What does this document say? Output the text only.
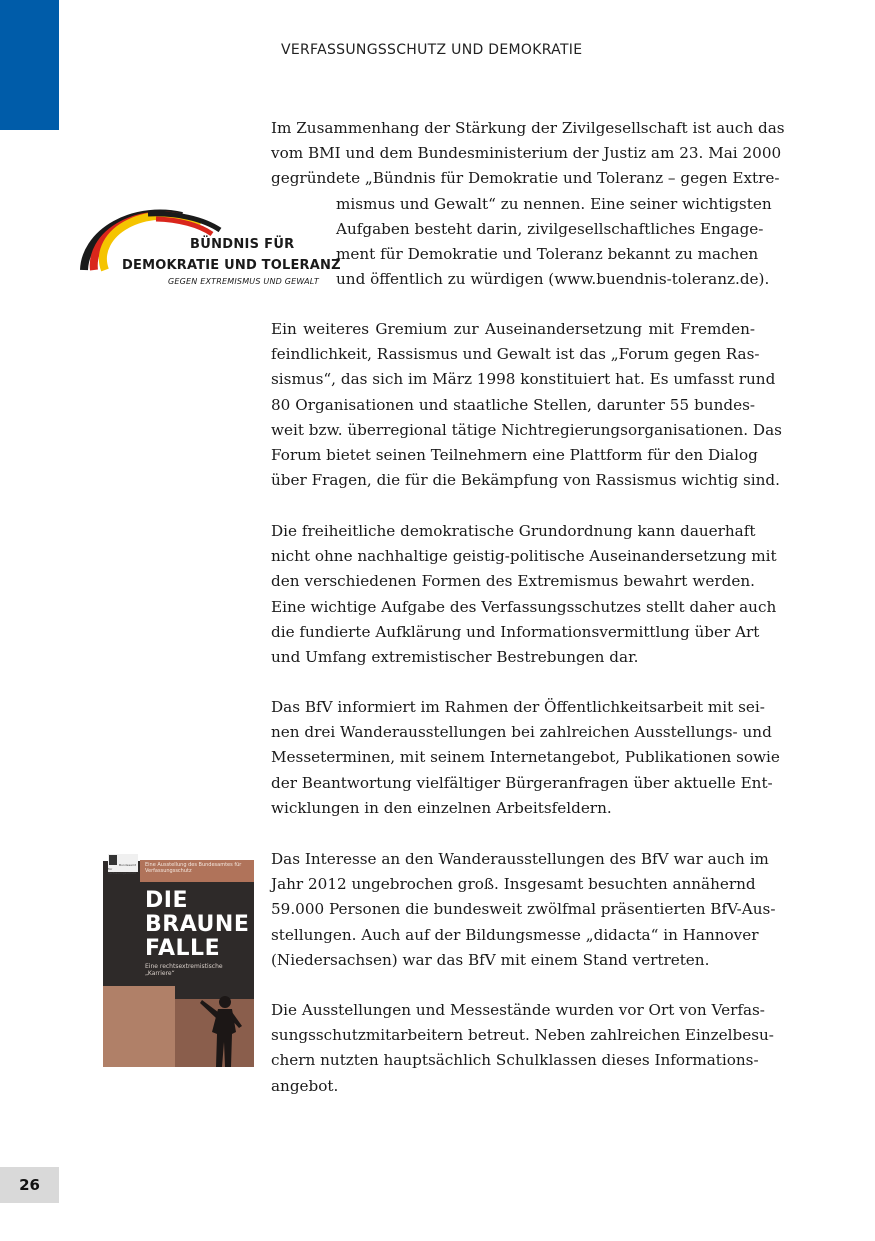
VERFASSUNGSSCHUTZ UND DEMOKRATIE
Im Zusammenhang der Stärkung der Zivilgesellschaft ist auch das
vom BMI und dem Bundesministerium der Justiz am 23. Mai 2000
gegründete „Bündnis für Demokratie und Toleranz – gegen Extre-
mismus und Gewalt“ zu nennen. Eine seiner wichtigsten
Aufgaben besteht darin, zivilgesellschaftliches Engage-
ment für Demokratie und Toleranz bekannt zu machen
und öffentlich zu würdigen (www.buendnis-toleranz.de).
BÜNDNIS FÜR
DEMOKRATIE UND TOLERANZ
GEGEN EXTREMISMUS UND GEWALT
Ein weiteres Gremium zur Auseinandersetzung mit Fremden-
feindlichkeit, Rassismus und Gewalt ist das „Forum gegen Ras-
sismus“, das sich im März 1998 konstituiert hat. Es umfasst rund
80 Organisationen und staatliche Stellen, darunter 55 bundes-
weit bzw. überregional tätige Nichtregierungsorganisationen. Das
Forum bietet seinen Teilnehmern eine Plattform für den Dialog
über Fragen, die für die Bekämpfung von Rassismus wichtig sind.
Die freiheitliche demokratische Grundordnung kann dauerhaft
nicht ohne nachhaltige geistig-politische Auseinandersetzung mit
den verschiedenen Formen des Extremismus bewahrt werden.
Eine wichtige Aufgabe des Verfassungsschutzes stellt daher auch
die fundierte Aufklärung und Informationsvermittlung über Art
und Umfang extremistischer Bestrebungen dar.
Das BfV informiert im Rahmen der Öffentlichkeitsarbeit mit sei-
nen drei Wanderausstellungen bei zahlreichen Ausstellungs- und
Messeterminen, mit seinem Internetangebot, Publikationen sowie
der Beantwortung vielfältiger Bürgeranfragen über aktuelle Ent-
wicklungen in den einzelnen Arbeitsfeldern.
Bundesamt für Verfassungsschutz
Eine Ausstellung des Bundesamtes für Verfassungsschutz
DIE
BRAUNE
FALLE
Eine rechtsextremistische „Karriere“
Das Interesse an den Wanderausstellungen des BfV war auch im
Jahr 2012 ungebrochen groß. Insgesamt besuchten annähernd
59.000 Personen die bundesweit zwölfmal präsentierten BfV-Aus-
stellungen. Auch auf der Bildungsmesse „didacta“ in Hannover
(Niedersachsen) war das BfV mit einem Stand vertreten.
Die Ausstellungen und Messestände wurden vor Ort von Verfas-
sungsschutzmitarbeitern betreut. Neben zahlreichen Einzelbesu-
chern nutzten hauptsächlich Schulklassen dieses Informations-
angebot.
26
